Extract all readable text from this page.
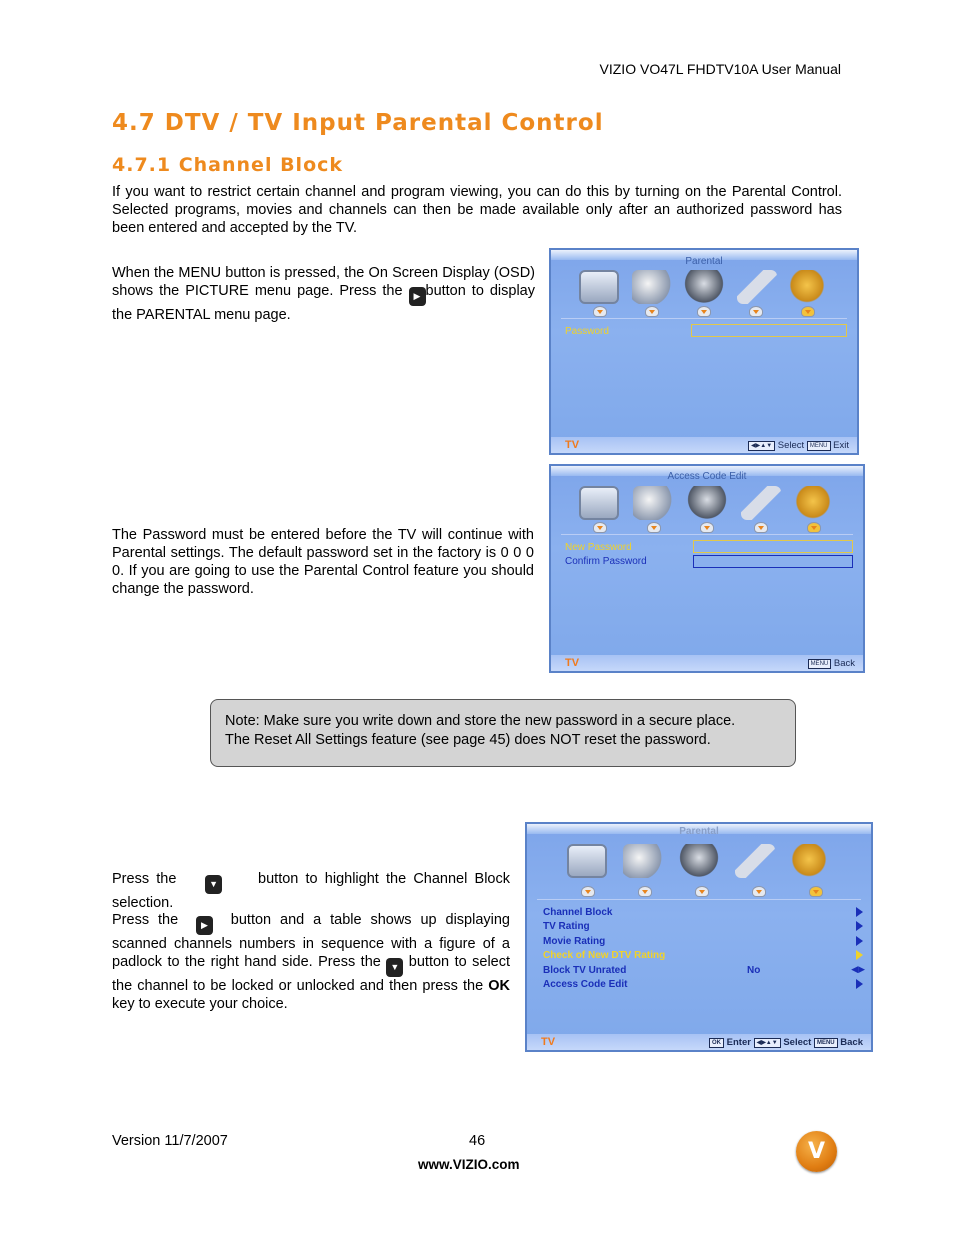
VIZIO VO47L FHDTV10A User Manual
4.7 DTV / TV Input Parental Control
4.7.1 Channel Block
If you want to restrict certain channel and program viewing, you can do this by turning on the Parental Control. Selected programs, movies and channels can then be made available only after an authorized password has been entered and accepted by the TV.
When the MENU button is pressed, the On Screen Display (OSD) shows the PICTURE menu page. Press the ▶ button to display the PARENTAL menu page.
Parental
Password
TV	◀▶▲▼ Select MENU Exit
The Password must be entered before the TV will continue with Parental settings. The default password set in the factory is 0 0 0 0. If you are going to use the Parental Control feature you should change the password.
Access Code Edit
New Password
Confirm Password
TV	MENU Back
Note: Make sure you write down and store the new password in a secure place.
The Reset All Settings feature (see page 45) does NOT reset the password.
Press the	▼	button to highlight the Channel Block selection.
Press the	▶ button and a table shows up displaying scanned channels numbers in sequence with a figure of a padlock to the right hand side. Press the ▼ button to select the channel to be locked or unlocked and then press the OK key to execute your choice.
Parental
Channel Block
TV Rating
Movie Rating
Check of New DTV Rating
Block TV Unrated	No	◀▶
Access Code Edit
TV	OK Enter ◀▶▲▼ Select MENU Back
Version 11/7/2007	46
www.VIZIO.com
V
